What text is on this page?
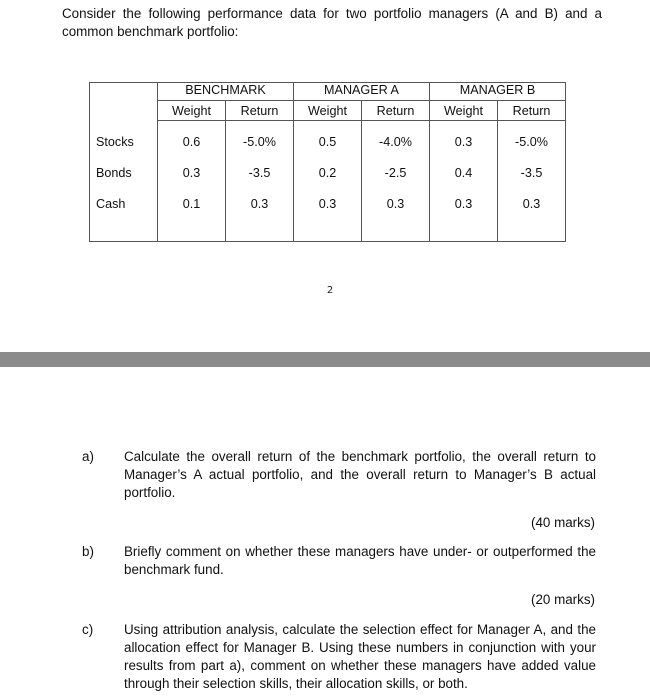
Consider the following performance data for two portfolio managers (A and B) and a common benchmark portfolio:
	BENCHMARK		MANAGER A		MANAGER B	
	Weight	Return	Weight	Return	Weight	Return

Stocks	0.6	-5.0%	0.5	-4.0%	0.3	-5.0%
Bonds	0.3	-3.5	0.2	-2.5	0.4	-3.5
Cash	0.1	0.3	0.3	0.3	0.3	0.3

2
a) Calculate the overall return of the benchmark portfolio, the overall return to Manager’s A actual portfolio, and the overall return to Manager’s B actual portfolio.
(40 marks)
b) Briefly comment on whether these managers have under- or outperformed the benchmark fund.
(20 marks)
c) Using attribution analysis, calculate the selection effect for Manager A, and the allocation effect for Manager B. Using these numbers in conjunction with your results from part a), comment on whether these managers have added value through their selection skills, their allocation skills, or both.
